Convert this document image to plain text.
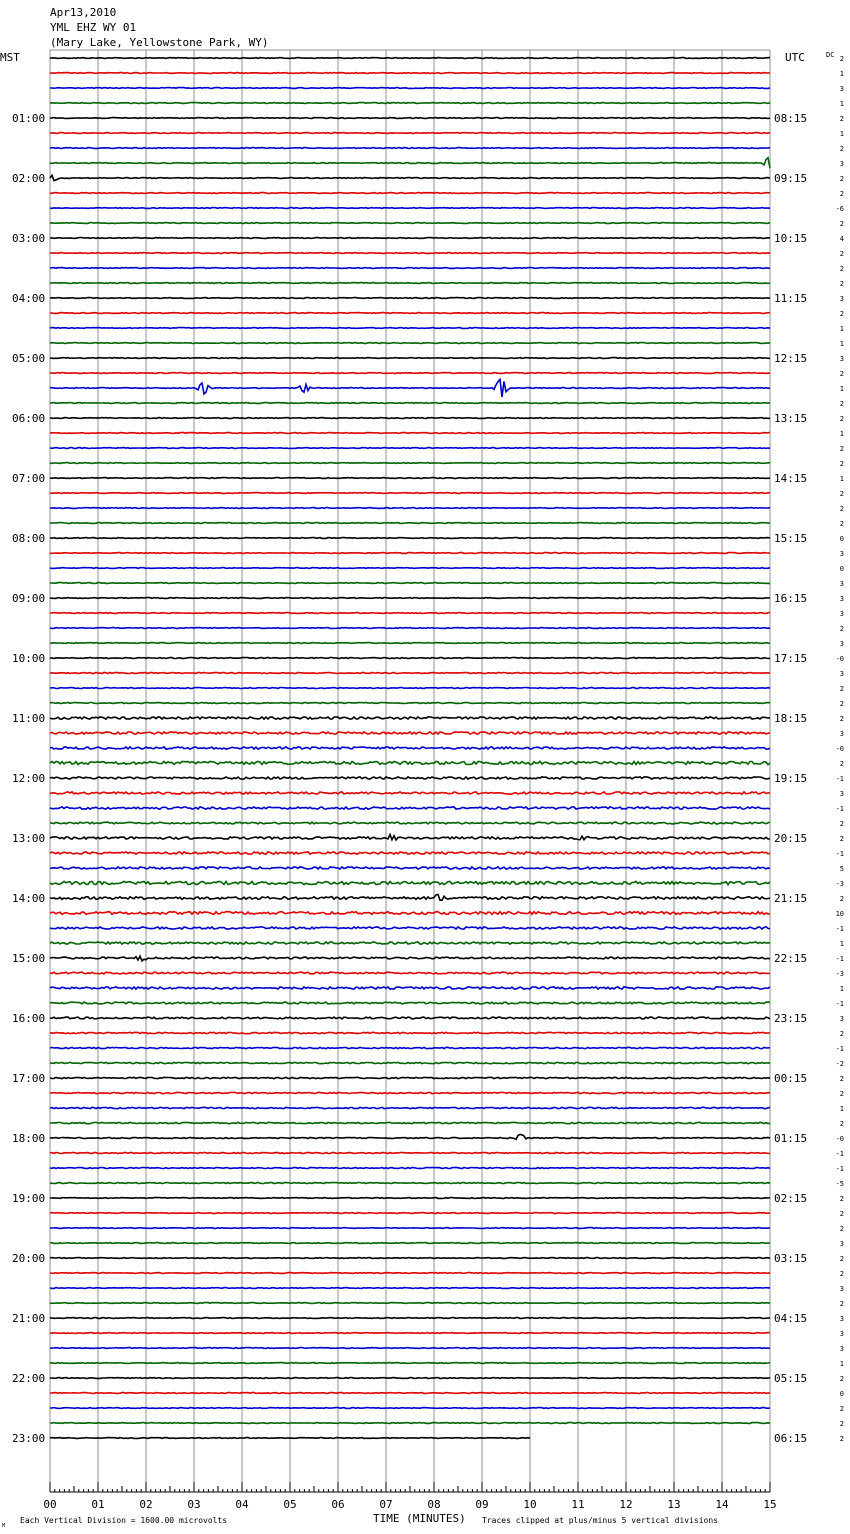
01:00
02:00
03:00
04:00
05:00
06:00
07:00
08:00
09:00
10:00
11:00
12:00
13:00
14:00
15:00
16:00
17:00
18:00
19:00
20:00
21:00
22:00
23:00
08:15
09:15
10:15
11:15
12:15
13:15
14:15
15:15
16:15
17:15
18:15
19:15
20:15
21:15
22:15
23:15
00:15
01:15
02:15
03:15
04:15
05:15
06:15
2
1
3
1
2
1
2
3
2
2
-6
2
4
2
2
2
3
2
1
1
3
2
1
2
2
1
2
2
1
2
2
2
0
3
0
3
3
3
2
3
-0
3
2
2
2
3
-0
2
-1
3
-1
2
2
-1
5
-3
2
10
-1
1
-1
-3
1
-1
3
2
-1
-2
2
2
1
2
-0
-1
-1
-5
2
2
2
3
2
2
3
2
3
3
3
1
2
0
2
2
2
00	01	02	03	04	05	06	07	08	09	10	11	12	13	14	15
Apr13,2010
YML EHZ WY 01
(Mary Lake, Yellowstone Park, WY)
MST	UTC	DC
TIME (MINUTES)
Each Vertical Division = 1600.00 microvolts	Traces clipped at plus/minus 5 vertical divisions
M
